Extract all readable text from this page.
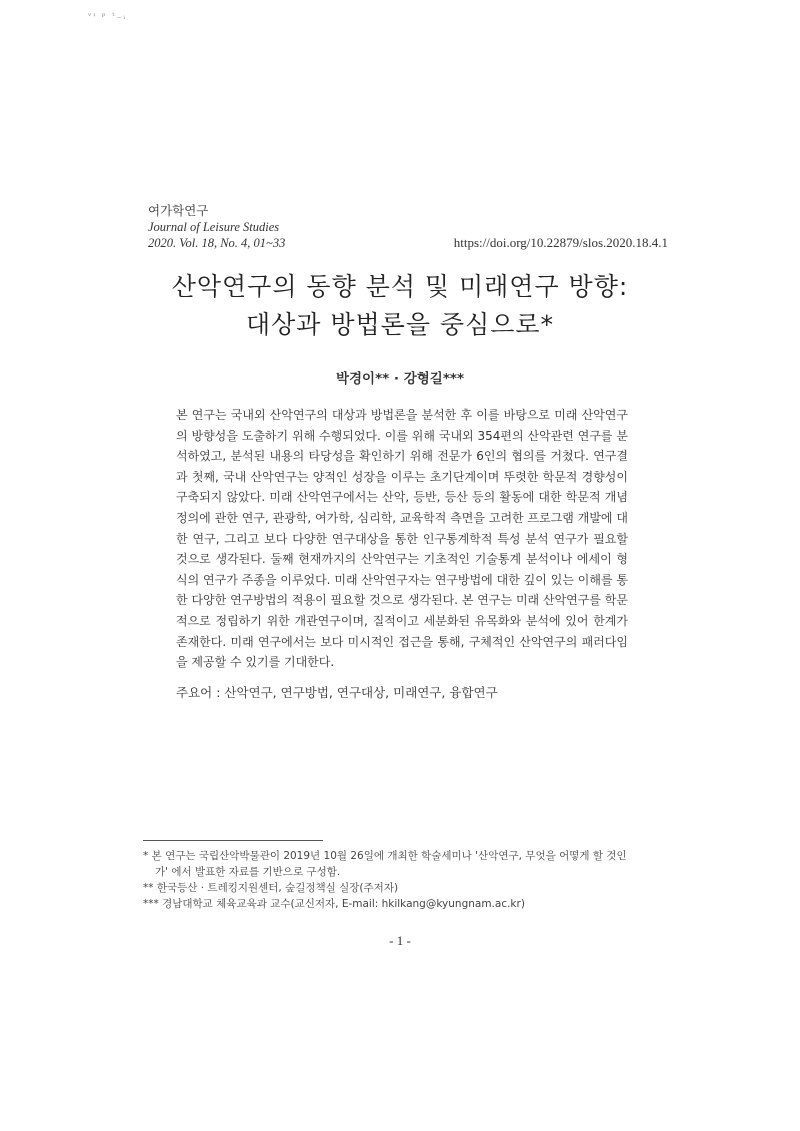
ᵛᵎ ᵖ ᵗ₋ᵢ
여가학연구
Journal of Leisure Studies
2020. Vol. 18, No. 4, 01~33	https://doi.org/10.22879/slos.2020.18.4.1
산악연구의 동향 분석 및 미래연구 방향:
대상과 방법론을 중심으로*
박경이** · 강형길***
본 연구는 국내외 산악연구의 대상과 방법론을 분석한 후 이를 바탕으로 미래 산악연구의 방향성을 도출하기 위해 수행되었다. 이를 위해 국내외 354편의 산악관련 연구를 분석하였고, 분석된 내용의 타당성을 확인하기 위해 전문가 6인의 협의를 거쳤다. 연구결과 첫째, 국내 산악연구는 양적인 성장을 이루는 초기단계이며 뚜렷한 학문적 경향성이 구축되지 않았다. 미래 산악연구에서는 산악, 등반, 등산 등의 활동에 대한 학문적 개념 정의에 관한 연구, 관광학, 여가학, 심리학, 교육학적 측면을 고려한 프로그램 개발에 대한 연구, 그리고 보다 다양한 연구대상을 통한 인구통계학적 특성 분석 연구가 필요할 것으로 생각된다. 둘째 현재까지의 산악연구는 기초적인 기술통계 분석이나 에세이 형식의 연구가 주종을 이루었다. 미래 산악연구자는 연구방법에 대한 깊이 있는 이해를 통한 다양한 연구방법의 적용이 필요할 것으로 생각된다. 본 연구는 미래 산악연구를 학문적으로 정립하기 위한 개관연구이며, 질적이고 세분화된 유목화와 분석에 있어 한계가 존재한다. 미래 연구에서는 보다 미시적인 접근을 통해, 구체적인 산악연구의 패러다임을 제공할 수 있기를 기대한다.
주요어 : 산악연구, 연구방법, 연구대상, 미래연구, 융합연구
* 본 연구는 국립산악박물관이 2019년 10월 26일에 개최한 학술세미나 '산악연구, 무엇을 어떻게 할 것인
가' 에서 발표한 자료를 기반으로 구성함.
** 한국등산 · 트레킹지원센터, 숲길정책실 실장(주저자)
*** 경남대학교 체육교육과 교수(교신저자, E-mail: hkilkang@kyungnam.ac.kr)
- 1 -
